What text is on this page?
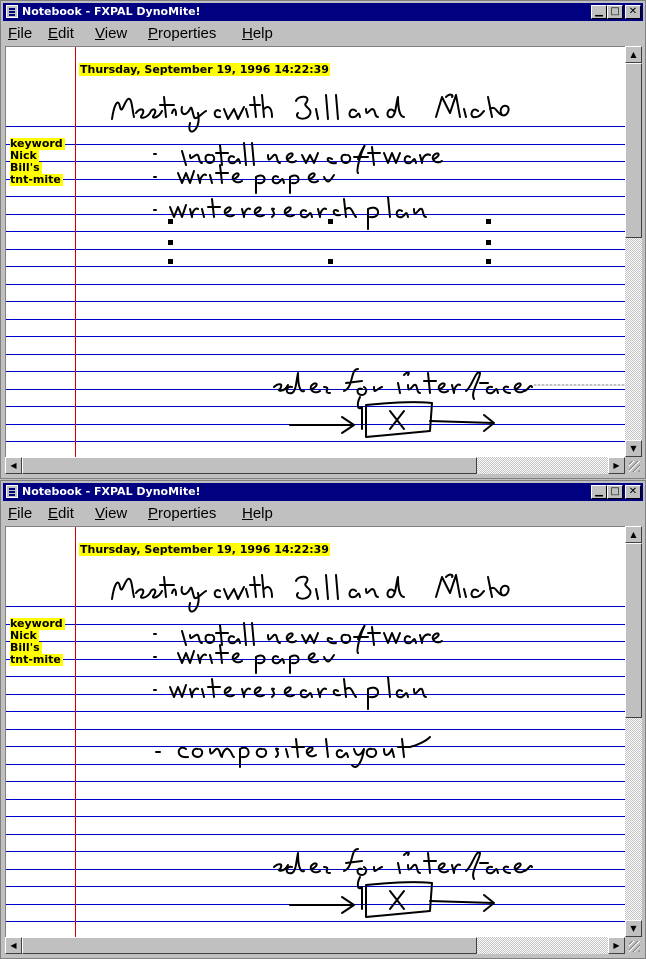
Notebook - FXPAL DynoMite!	▁ □ ✕
File Edit View Properties Help
Thursday, September 19, 1996 14:22:39
keyword
Nick
Bill's
tnt-mite
▲
▼
◀	▶
Notebook - FXPAL DynoMite!	▁ □ ✕
File Edit View Properties Help
Thursday, September 19, 1996 14:22:39
keyword
Nick
Bill's
tnt-mite
▲
▼
◀	▶
